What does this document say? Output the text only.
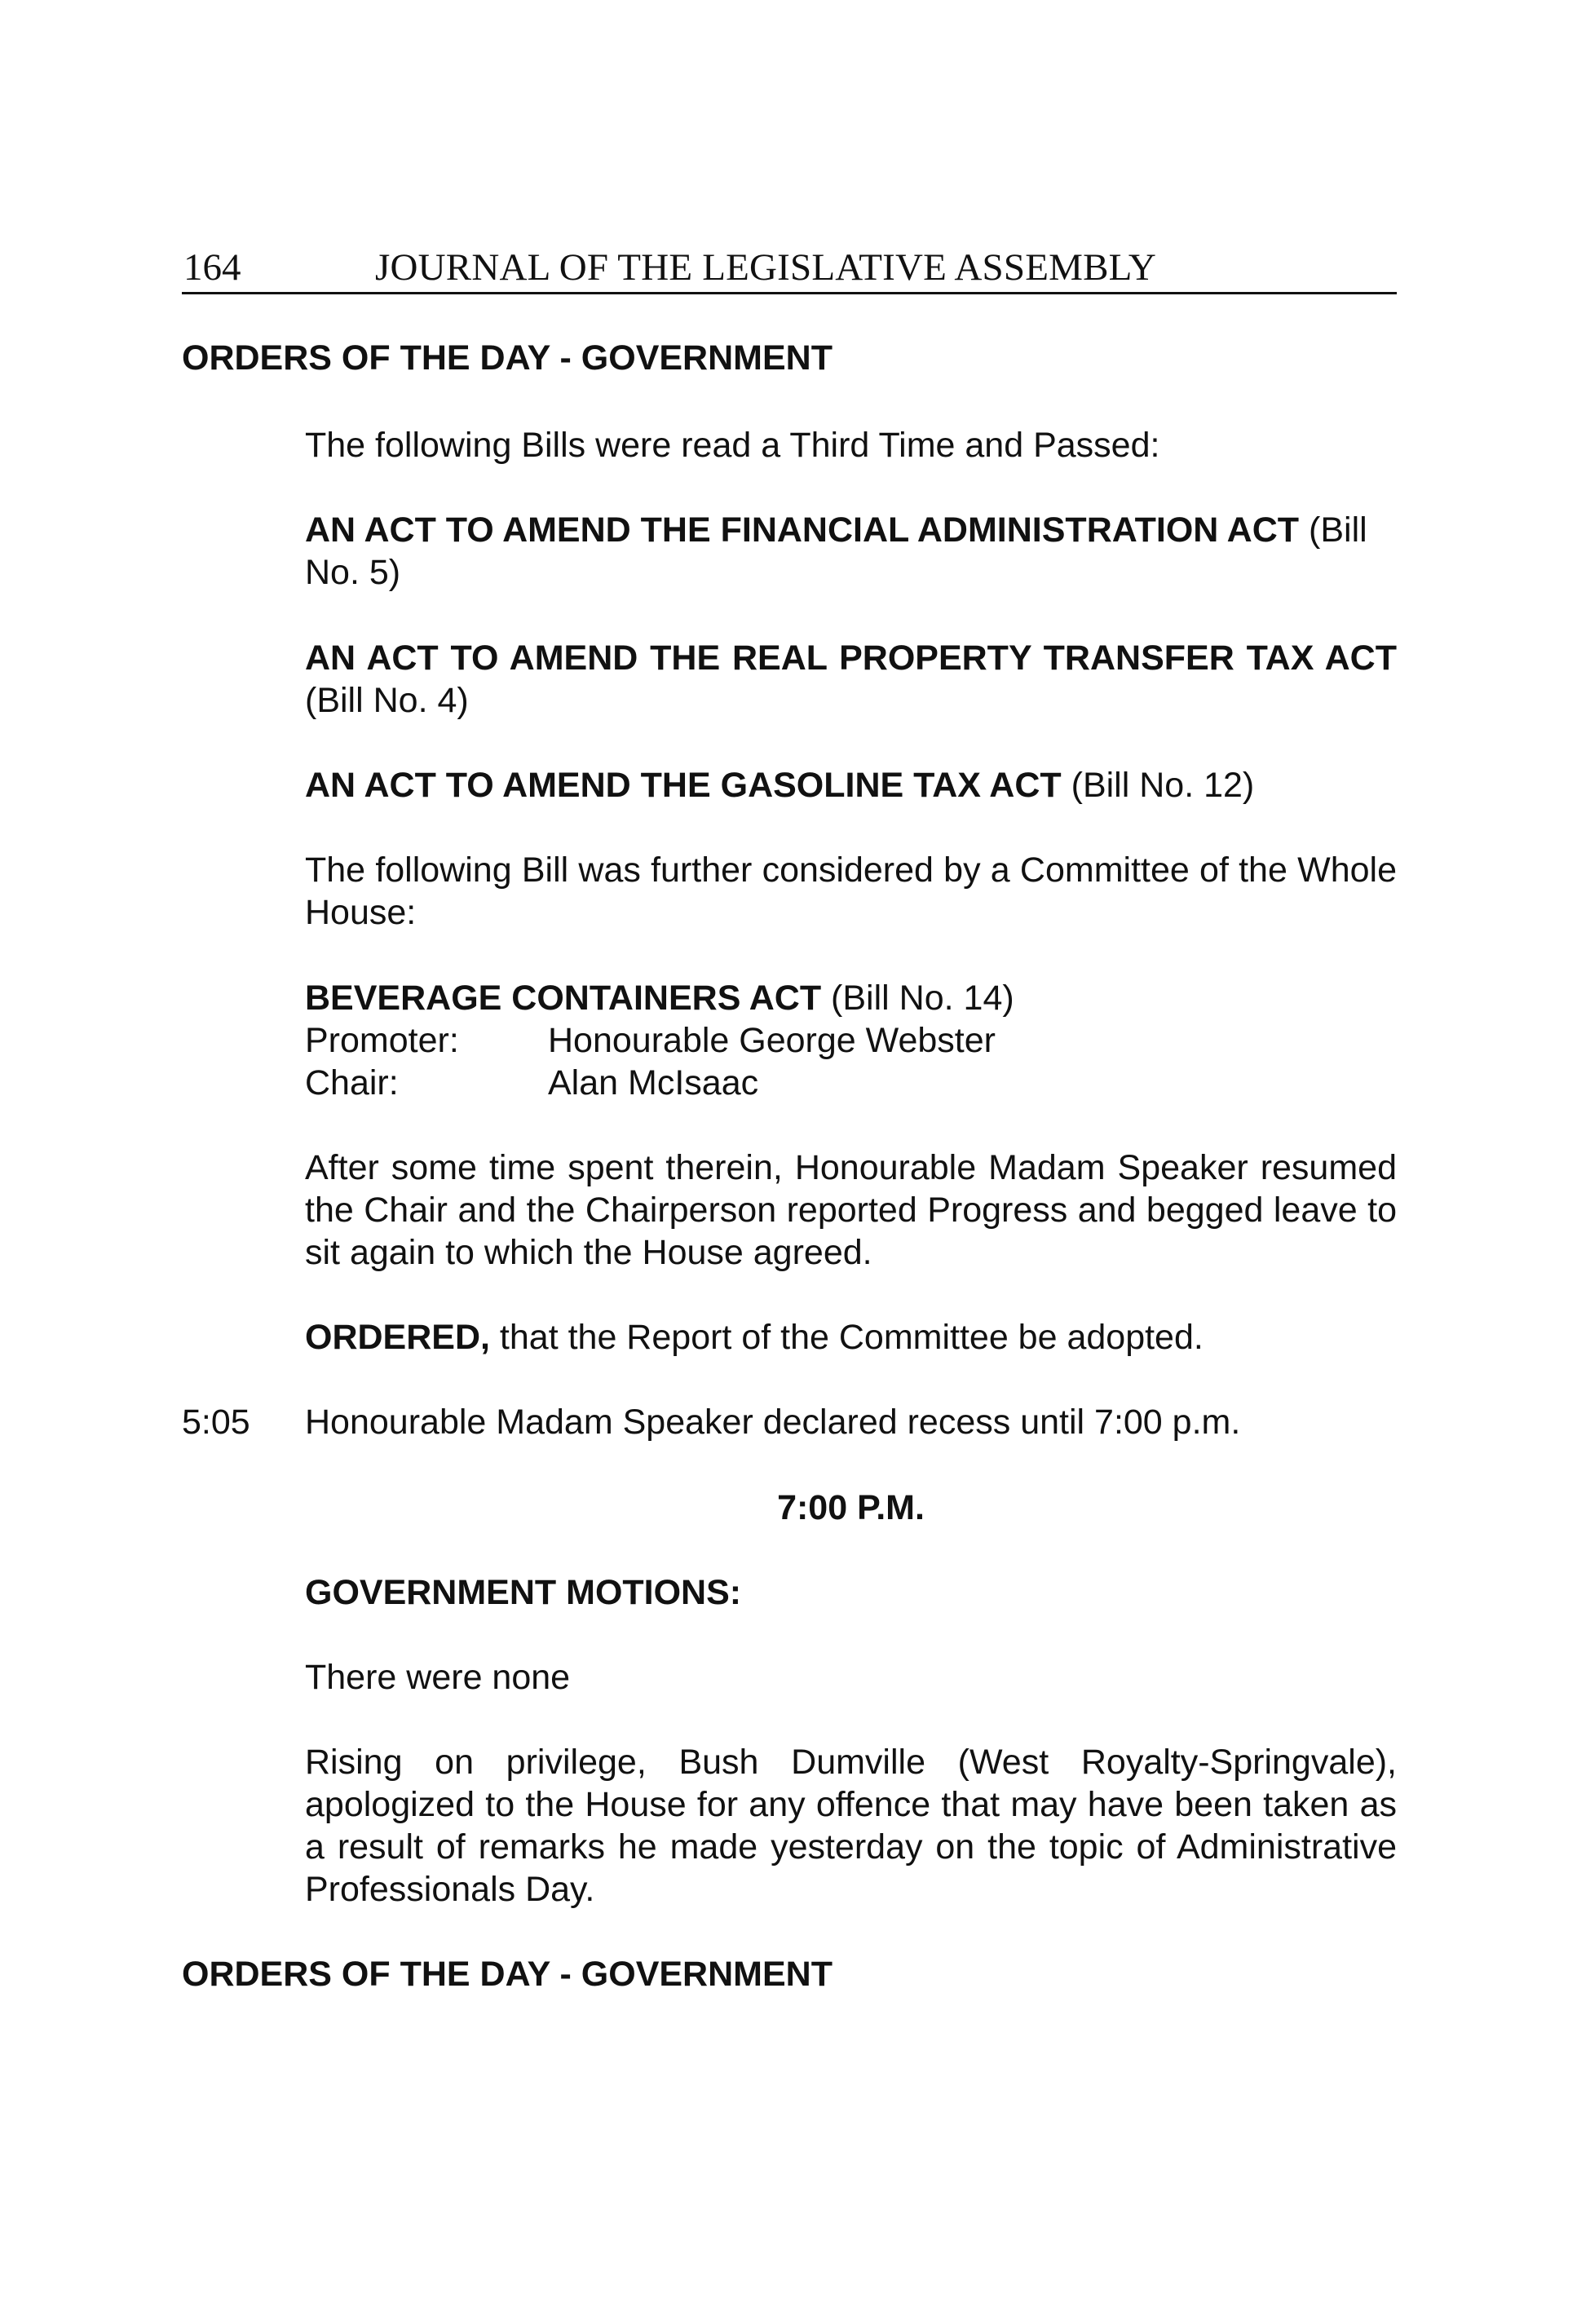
164	JOURNAL OF THE LEGISLATIVE ASSEMBLY
ORDERS OF THE DAY - GOVERNMENT
The following Bills were read a Third Time and Passed:
AN ACT TO AMEND THE FINANCIAL ADMINISTRATION ACT (Bill No. 5)
AN ACT TO AMEND THE REAL PROPERTY TRANSFER TAX ACT (Bill No. 4)
AN ACT TO AMEND THE GASOLINE TAX ACT (Bill No. 12)
The following Bill was further considered by a Committee of the Whole House:
BEVERAGE CONTAINERS ACT (Bill No. 14)
Promoter:	Honourable George Webster
Chair:	Alan McIsaac
After some time spent therein, Honourable Madam Speaker resumed the Chair and the Chairperson reported Progress and begged leave to sit again to which the House agreed.
ORDERED, that the Report of the Committee be adopted.
5:05 Honourable Madam Speaker declared recess until 7:00 p.m.
7:00 P.M.
GOVERNMENT MOTIONS:
There were none
Rising on privilege, Bush Dumville (West Royalty-Springvale), apologized to the House for any offence that may have been taken as a result of remarks he made yesterday on the topic of Administrative Professionals Day.
ORDERS OF THE DAY - GOVERNMENT
